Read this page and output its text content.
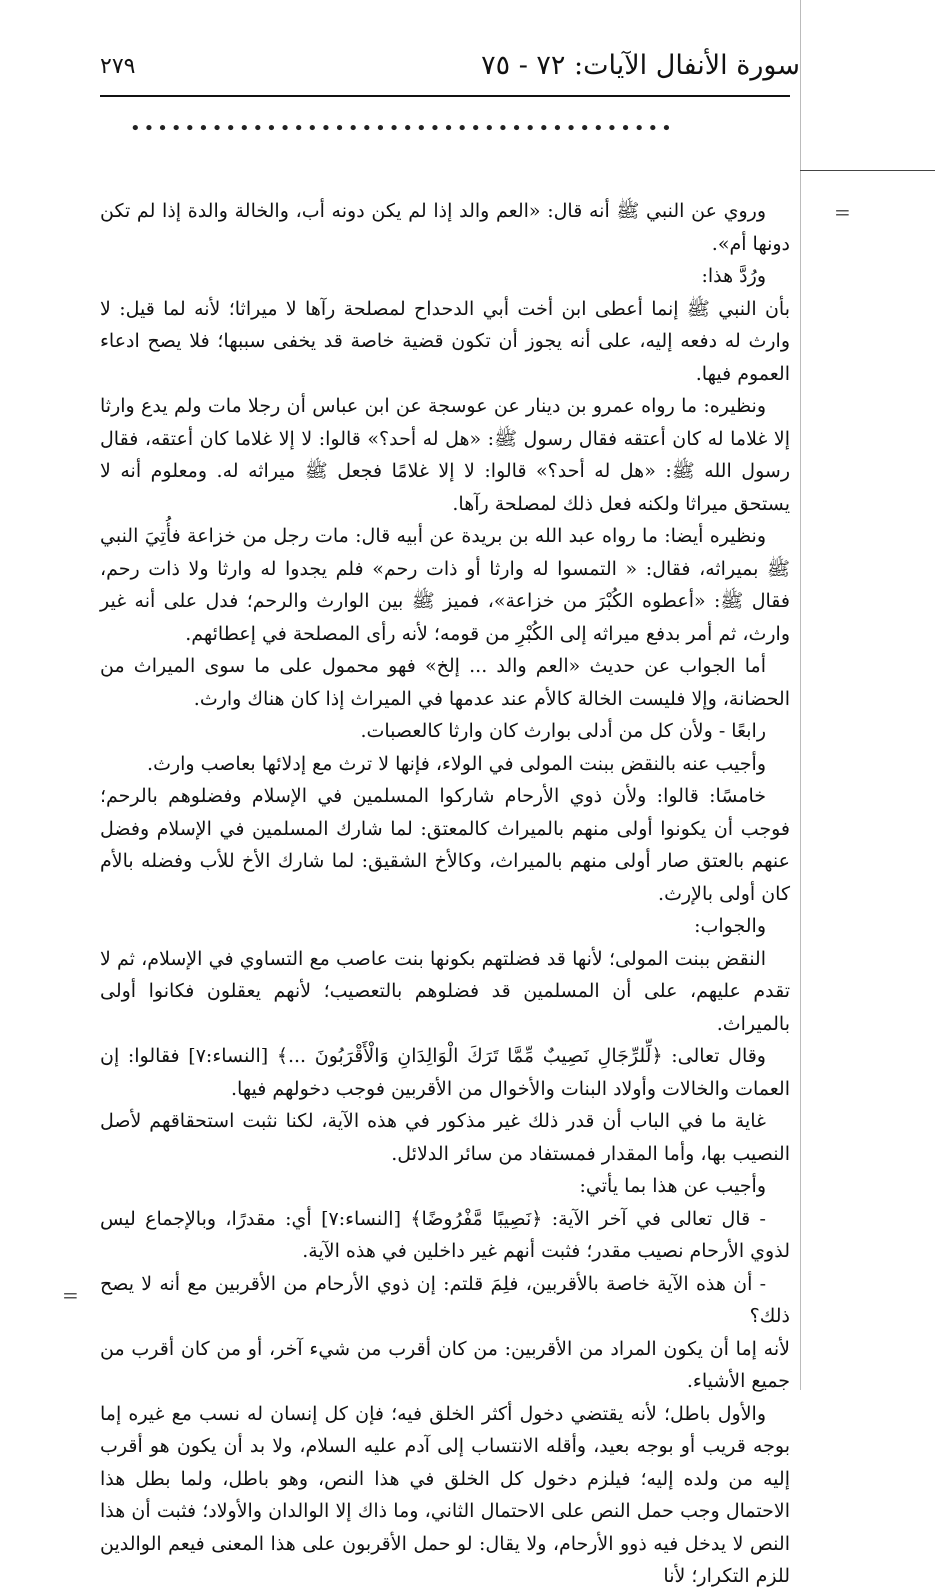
سورة الأنفال الآيات: ٧٢ - ٧٥
٢٧٩
••••••••••••••••••••••••••••••••••••••••
=
=

وروي عن النبي ﷺ أنه قال: «العم والد إذا لم يكن دونه أب، والخالة والدة إذا لم تكن دونها أم».

ورُدَّ هذا:

بأن النبي ﷺ إنما أعطى ابن أخت أبي الدحداح لمصلحة رآها لا ميراثا؛ لأنه لما قيل: لا وارث له دفعه إليه، على أنه يجوز أن تكون قضية خاصة قد يخفى سببها؛ فلا يصح ادعاء العموم فيها.

ونظيره: ما رواه عمرو بن دينار عن عوسجة عن ابن عباس أن رجلا مات ولم يدع وارثا إلا غلاما له كان أعتقه فقال رسول ﷺ: «هل له أحد؟» قالوا: لا إلا غلاما كان أعتقه، فقال رسول الله ﷺ: «هل له أحد؟» قالوا: لا إلا غلامًا فجعل ﷺ ميراثه له. ومعلوم أنه لا يستحق ميراثا ولكنه فعل ذلك لمصلحة رآها.

ونظيره أيضا: ما رواه عبد الله بن بريدة عن أبيه قال: مات رجل من خزاعة فأُتِيَ النبي ﷺ بميراثه، فقال: « التمسوا له وارثا أو ذات رحم» فلم يجدوا له وارثا ولا ذات رحم، فقال ﷺ: «أعطوه الكُبْرَ من خزاعة»، فميز ﷺ بين الوارث والرحم؛ فدل على أنه غير وارث، ثم أمر بدفع ميراثه إلى الكُبْرِ من قومه؛ لأنه رأى المصلحة في إعطائهم.

أما الجواب عن حديث «العم والد ... إلخ» فهو محمول على ما سوى الميراث من الحضانة، وإلا فليست الخالة كالأم عند عدمها في الميراث إذا كان هناك وارث.

رابعًا - ولأن كل من أدلى بوارث كان وارثا كالعصبات.

وأجيب عنه بالنقض ببنت المولى في الولاء، فإنها لا ترث مع إدلائها بعاصب وارث.

خامسًا: قالوا: ولأن ذوي الأرحام شاركوا المسلمين في الإسلام وفضلوهم بالرحم؛ فوجب أن يكونوا أولى منهم بالميراث كالمعتق: لما شارك المسلمين في الإسلام وفضل عنهم بالعتق صار أولى منهم بالميراث، وكالأخ الشقيق: لما شارك الأخ للأب وفضله بالأم كان أولى بالإرث.

والجواب:

النقض ببنت المولى؛ لأنها قد فضلتهم بكونها بنت عاصب مع التساوي في الإسلام، ثم لا تقدم عليهم، على أن المسلمين قد فضلوهم بالتعصيب؛ لأنهم يعقلون فكانوا أولى بالميراث.

وقال تعالى: ﴿لِّلرِّجَالِ نَصِيبٌ مِّمَّا تَرَكَ الْوَالِدَانِ وَالْأَقْرَبُونَ ...﴾ [النساء:٧] فقالوا: إن العمات والخالات وأولاد البنات والأخوال من الأقربين فوجب دخولهم فيها.

غاية ما في الباب أن قدر ذلك غير مذكور في هذه الآية، لكنا نثبت استحقاقهم لأصل النصيب بها، وأما المقدار فمستفاد من سائر الدلائل.

وأجيب عن هذا بما يأتي:

- قال تعالى في آخر الآية: ﴿نَصِيبًا مَّفْرُوضًا﴾ [النساء:٧] أي: مقدرًا، وبالإجماع ليس لذوي الأرحام نصيب مقدر؛ فثبت أنهم غير داخلين في هذه الآية.

- أن هذه الآية خاصة بالأقربين، فلِمَ قلتم: إن ذوي الأرحام من الأقربين مع أنه لا يصح ذلك؟

لأنه إما أن يكون المراد من الأقربين: من كان أقرب من شيء آخر، أو من كان أقرب من جميع الأشياء.

والأول باطل؛ لأنه يقتضي دخول أكثر الخلق فيه؛ فإن كل إنسان له نسب مع غيره إما بوجه قريب أو بوجه بعيد، وأقله الانتساب إلى آدم عليه السلام، ولا بد أن يكون هو أقرب إليه من ولده إليه؛ فيلزم دخول كل الخلق في هذا النص، وهو باطل، ولما بطل هذا الاحتمال وجب حمل النص على الاحتمال الثاني، وما ذاك إلا الوالدان والأولاد؛ فثبت أن هذا النص لا يدخل فيه ذوو الأرحام، ولا يقال: لو حمل الأقربون على هذا المعنى فيعم الوالدين للزم التكرار؛ لأنا
